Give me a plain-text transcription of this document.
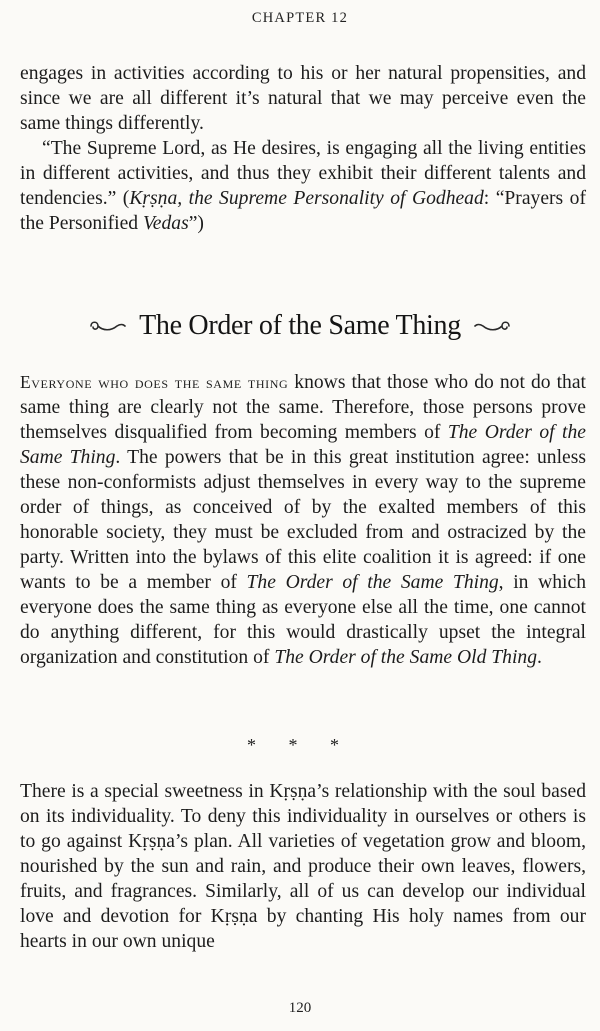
CHAPTER 12

engages in activities according to his or her natural propensities, and since we are all different it’s natural that we may perceive even the same things differently.

“The Supreme Lord, as He desires, is engaging all the living entities in different activities, and thus they exhibit their different talents and tendencies.” (Kṛṣṇa, the Supreme Personality of Godhead: “Prayers of the Personified Vedas”)

The Order of the Same Thing

Everyone who does the same thing knows that those who do not do that same thing are clearly not the same. Therefore, those persons prove themselves disqualified from becoming members of The Order of the Same Thing. The powers that be in this great institution agree: unless these non-conformists adjust themselves in every way to the supreme order of things, as conceived of by the exalted members of this honorable society, they must be excluded from and ostracized by the party. Written into the bylaws of this elite coalition it is agreed: if one wants to be a member of The Order of the Same Thing, in which everyone does the same thing as everyone else all the time, one cannot do anything different, for this would drastically upset the integral organization and constitution of The Order of the Same Old Thing.

* * *

There is a special sweetness in Kṛṣṇa’s relationship with the soul based on its individuality. To deny this individuality in ourselves or others is to go against Kṛṣṇa’s plan. All varieties of vegetation grow and bloom, nourished by the sun and rain, and produce their own leaves, flowers, fruits, and fragrances. Similarly, all of us can develop our individual love and devotion for Kṛṣṇa by chanting His holy names from our hearts in our own unique

120
